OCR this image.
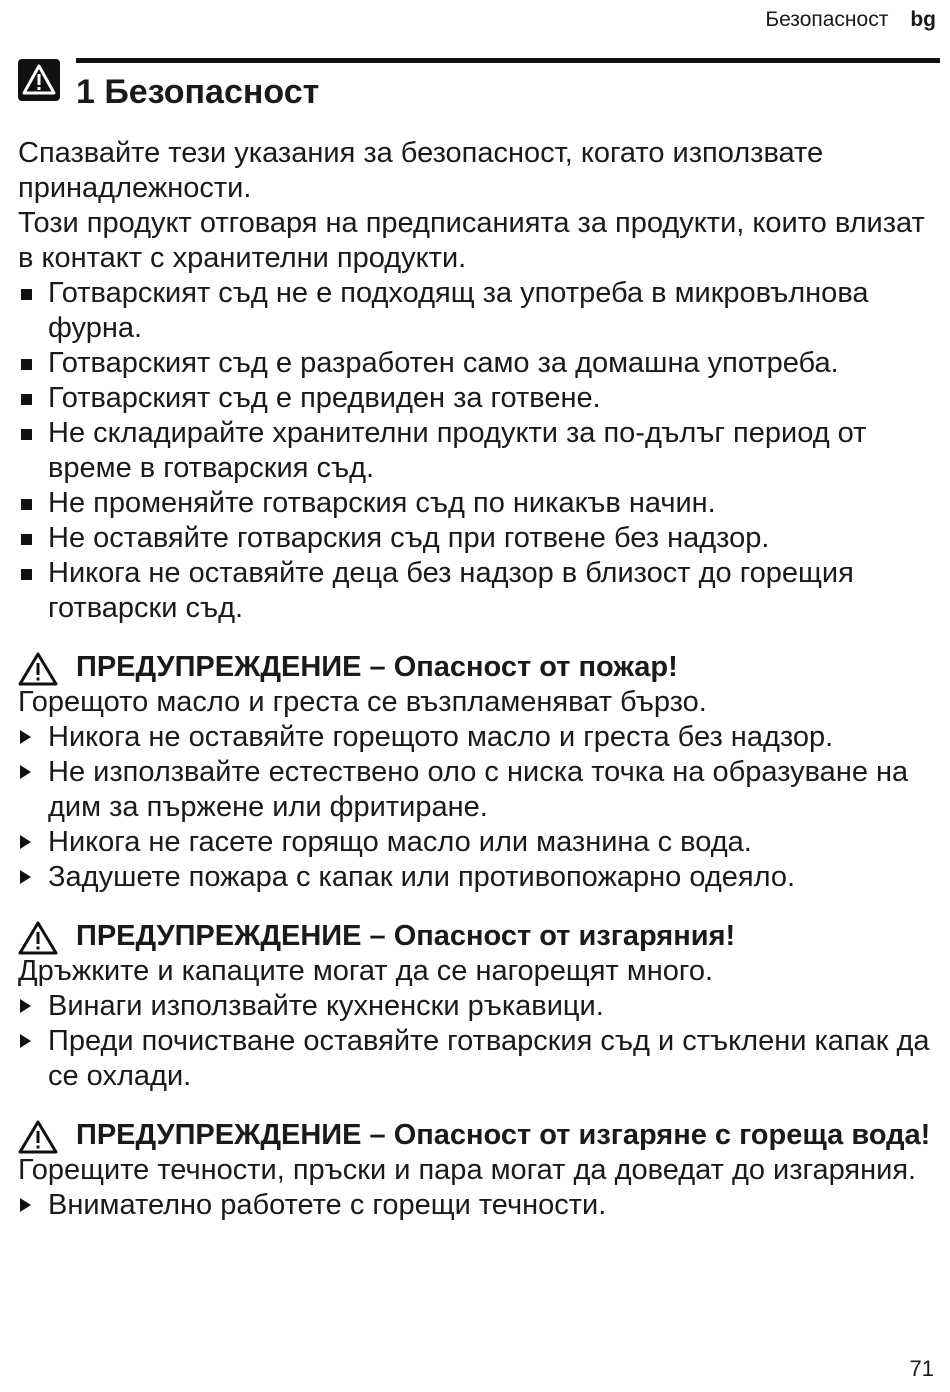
Безопасност bg
1 Безопасност

Спазвайте тези указания за безопасност, когато използвате принадлежности.

Този продукт отговаря на предписанията за продукти, които влизат в контакт с хранителни продукти.

Готварският съд не е подходящ за употреба в микровълнова фурна.
Готварският съд е разработен само за домашна употреба.
Готварският съд е предвиден за готвене.
Не складирайте хранителни продукти за по-дълъг период от време в готварския съд.
Не променяйте готварския съд по никакъв начин.
Не оставяйте готварския съд при готвене без надзор.
Никога не оставяйте деца без надзор в близост до горещия готварски съд.

ПРЕДУПРЕЖДЕНИЕ – Опасност от пожар!

Горещото масло и греста се възпламеняват бързо.

Никога не оставяйте горещото масло и греста без надзор.
Не използвайте естествено оло с ниска точка на образуване на дим за пържене или фритиране.
Никога не гасете горящо масло или мазнина с вода.
Задушете пожара с капак или противопожарно одеяло.

ПРЕДУПРЕЖДЕНИЕ – Опасност от изгаряния!

Дръжките и капаците могат да се нагорещят много.

Винаги използвайте кухненски ръкавици.
Преди почистване оставяйте готварския съд и стъклени капак да се охлади.

ПРЕДУПРЕЖДЕНИЕ – Опасност от изгаряне с гореща вода!

Горещите течности, пръски и пара могат да доведат до изгаряния.

Внимателно работете с горещи течности.
71
